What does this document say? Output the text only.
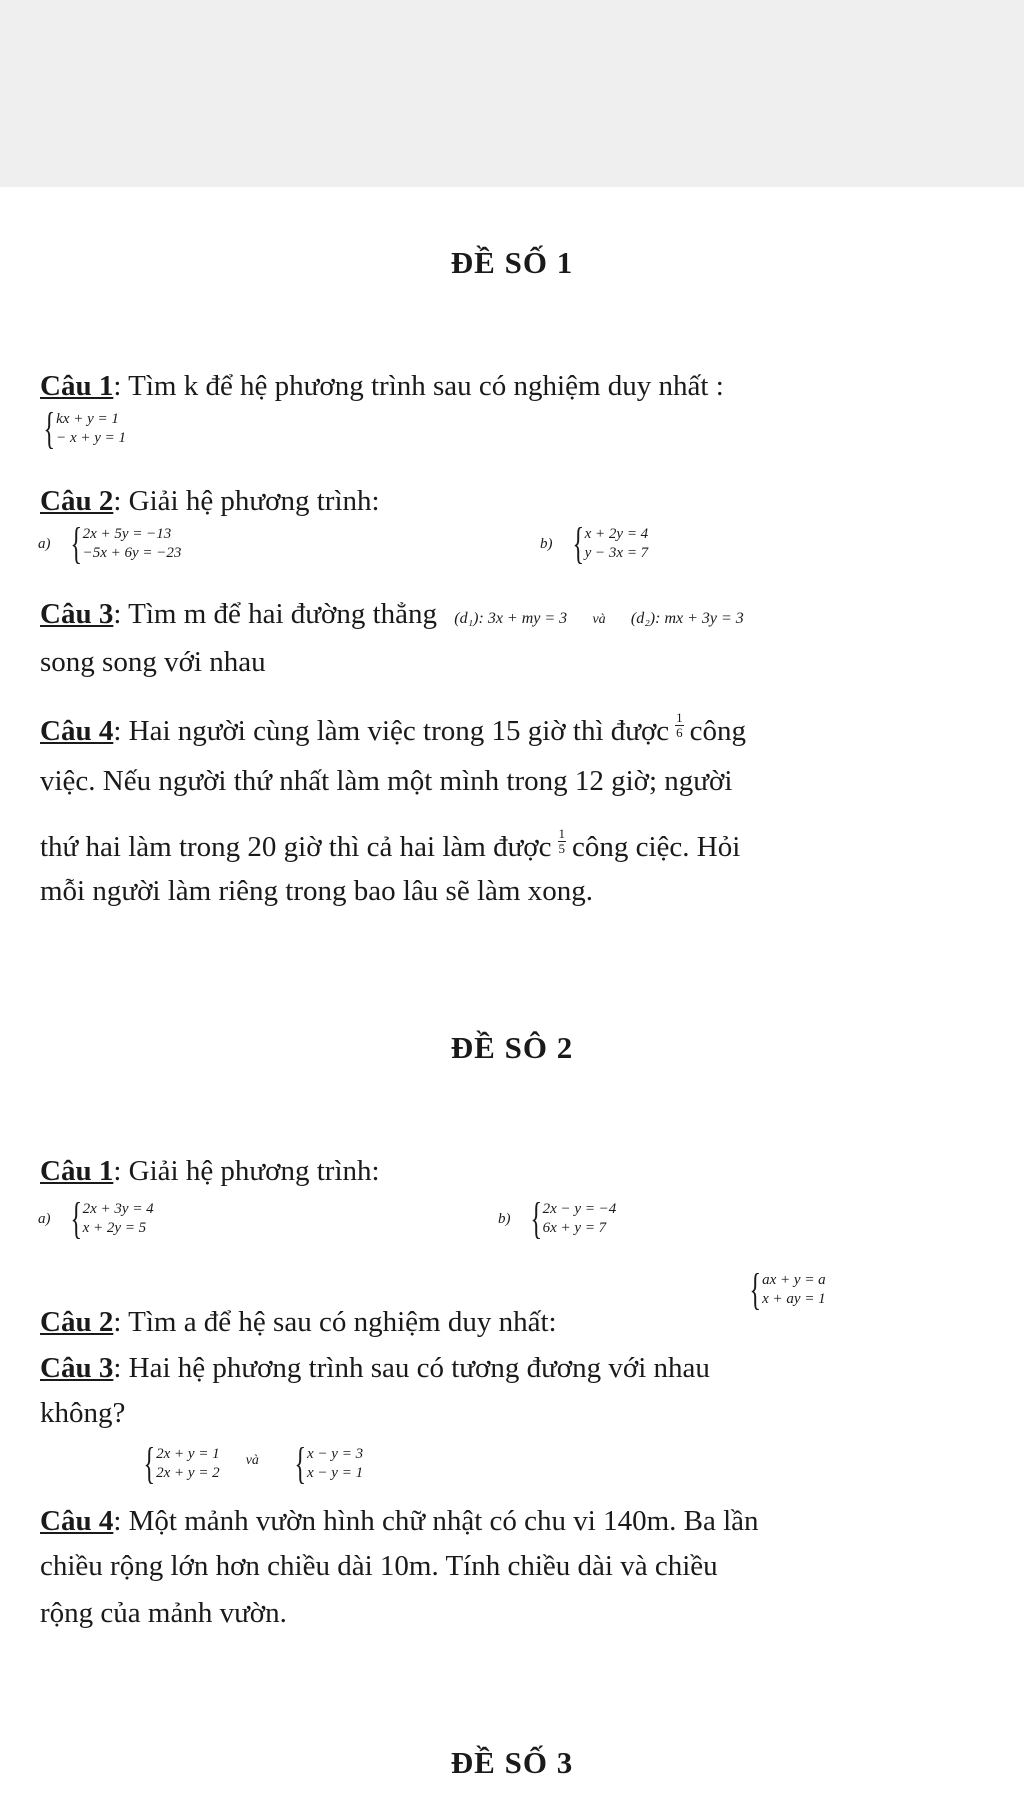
ĐỀ SỐ 1
Câu 1: Tìm k để hệ phương trình sau có nghiệm duy nhất :
{ kx + y = 1
− x + y = 1
Câu 2: Giải hệ phương trình:
a) { 2x + 5y = −13
−5x + 6y = −23
b) { x + 2y = 4
y − 3x = 7
Câu 3: Tìm m để hai đường thẳng (d₁): 3x + my = 3 và (d₂): mx + 3y = 3
song song với nhau
Câu 4: Hai người cùng làm việc trong 15 giờ thì được $\frac{1}{6}$ công
việc. Nếu người thứ nhất làm một mình trong 12 giờ; người
thứ hai làm trong 20 giờ thì cả hai làm được $\frac{1}{5}$ công ciệc. Hỏi
mỗi người làm riêng trong bao lâu sẽ làm xong.
ĐỀ SÔ 2
Câu 1: Giải hệ phương trình:
a) { 2x + 3y = 4
x + 2y = 5
b) { 2x − y = −4
6x + y = 7
Câu 2: Tìm a để hệ sau có nghiệm duy nhất:
{ ax + y = a
x + ay = 1
Câu 3: Hai hệ phương trình sau có tương đương với nhau
không?
{ 2x + y = 1
2x + y = 2
và { x − y = 3
x − y = 1
Câu 4: Một mảnh vườn hình chữ nhật có chu vi 140m. Ba lần
chiều rộng lớn hơn chiều dài 10m. Tính chiều dài và chiều
rộng của mảnh vườn.
ĐỀ SỐ 3
